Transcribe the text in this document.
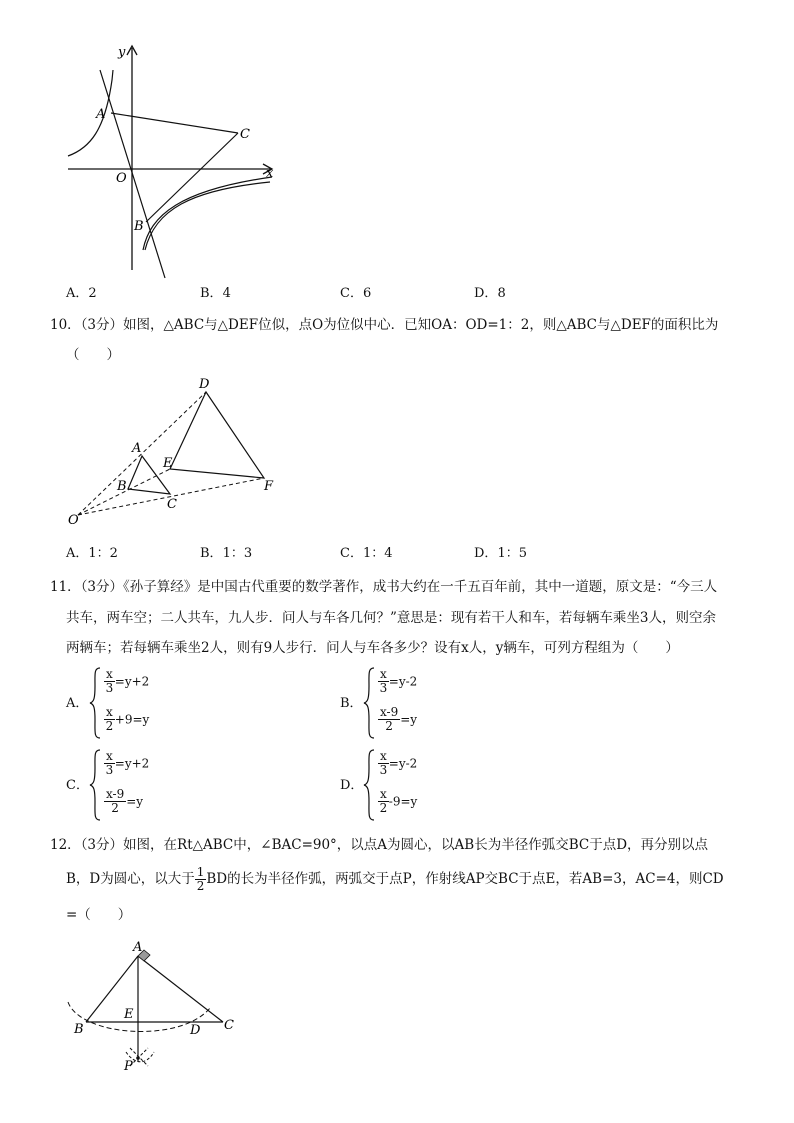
y
x
O
A
C
B
A．2	B．4	C．6	D．8
10．（3分）如图，△ABC与△DEF位似，点O为位似中心．已知OA：OD=1：2，则△ABC与△DEF的面积比为
（　　）
D
A
E
B
C
F
O
A．1：2	B．1：3	C．1：4	D．1：5
11．（3分）《孙子算经》是中国古代重要的数学著作，成书大约在一千五百年前，其中一道题，原文是：“今三人
共车，两车空；二人共车，九人步．问人与车各几何？”意思是：现有若干人和车，若每辆车乘坐3人，则空余
两辆车；若每辆车乘坐2人，则有9人步行．问人与车各多少？设有x人，y辆车，可列方程组为（　　）
A．
$\frac{x}{3} =y+2$
$\frac{x}{2} +9=y$
B．
$\frac{x}{3} =y-2$
$\frac{x-9}{2} =y$
C．
$\frac{x}{3} =y+2$
$\frac{x-9}{2} =y$
D．
$\frac{x}{3} =y-2$
$\frac{x}{2} -9=y$
12．（3分）如图，在Rt△ABC中，∠BAC=90°，以点A为圆心，以AB长为半径作弧交BC于点D，再分别以点
B，D为圆心，以大于 $\frac{1}{2}$ BD的长为半径作弧，两弧交于点P，作射线AP交BC于点E，若AB=3，AC=4，则CD
=（　　）
A
B
E
D C
P
